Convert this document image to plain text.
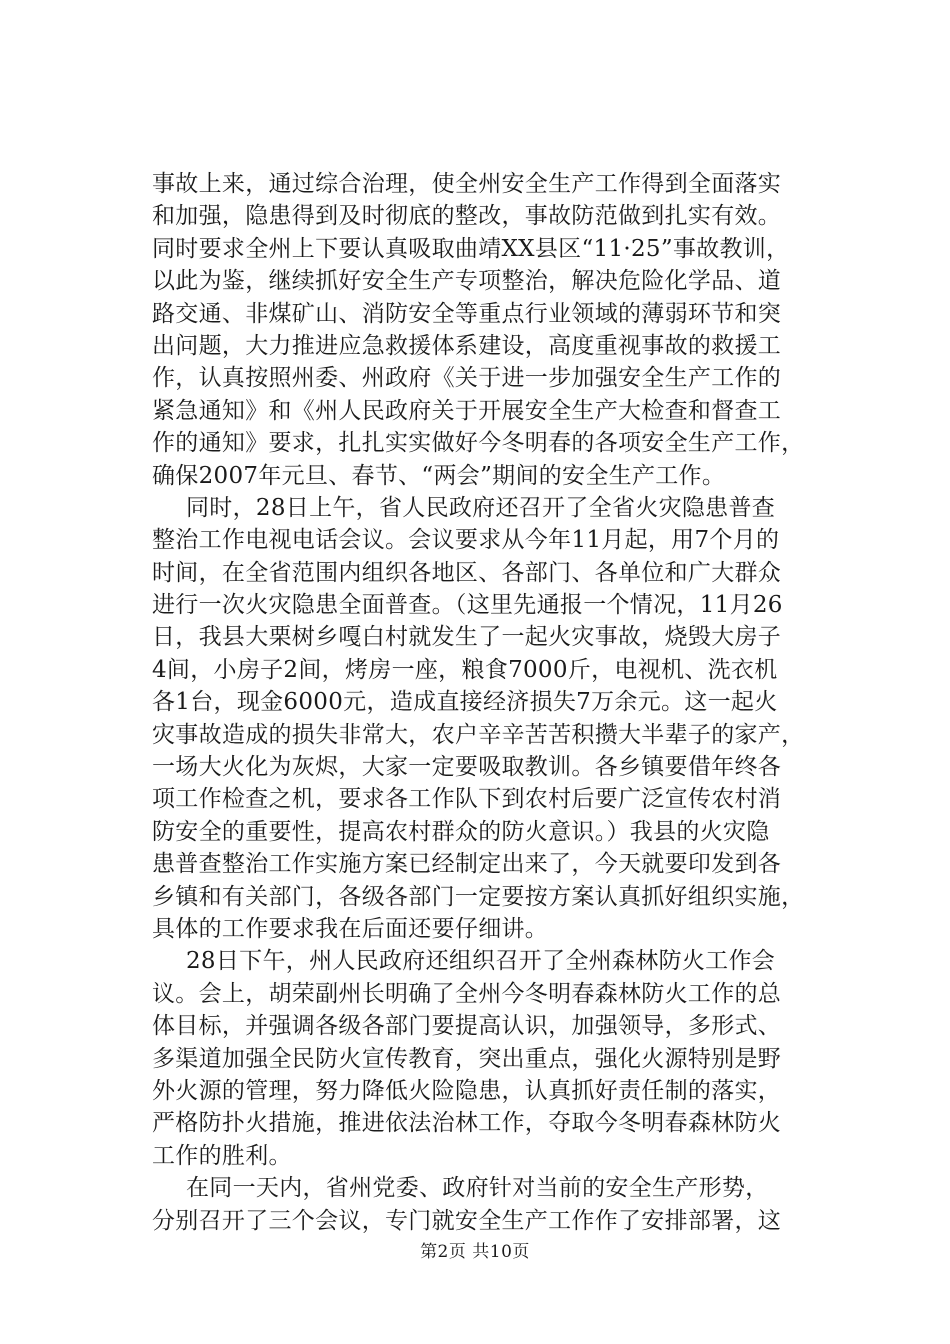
事故上来，通过综合治理，使全州安全生产工作得到全面落实
和加强，隐患得到及时彻底的整改，事故防范做到扎实有效。
同时要求全州上下要认真吸取曲靖XX县区“11·25”事故教训，
以此为鉴，继续抓好安全生产专项整治，解决危险化学品、道
路交通、非煤矿山、消防安全等重点行业领域的薄弱环节和突
出问题，大力推进应急救援体系建设，高度重视事故的救援工
作，认真按照州委、州政府《关于进一步加强安全生产工作的
紧急通知》和《州人民政府关于开展安全生产大检查和督查工
作的通知》要求，扎扎实实做好今冬明春的各项安全生产工作，
确保2007年元旦、春节、“两会”期间的安全生产工作。
同时，28日上午，省人民政府还召开了全省火灾隐患普查
整治工作电视电话会议。会议要求从今年11月起，用7个月的
时间，在全省范围内组织各地区、各部门、各单位和广大群众
进行一次火灾隐患全面普查。（这里先通报一个情况，11月26
日，我县大栗树乡嘎白村就发生了一起火灾事故，烧毁大房子
4间，小房子2间，烤房一座，粮食7000斤，电视机、洗衣机
各1台，现金6000元，造成直接经济损失7万余元。这一起火
灾事故造成的损失非常大，农户辛辛苦苦积攒大半辈子的家产，
一场大火化为灰烬，大家一定要吸取教训。各乡镇要借年终各
项工作检查之机，要求各工作队下到农村后要广泛宣传农村消
防安全的重要性，提高农村群众的防火意识。）我县的火灾隐
患普查整治工作实施方案已经制定出来了，今天就要印发到各
乡镇和有关部门，各级各部门一定要按方案认真抓好组织实施，
具体的工作要求我在后面还要仔细讲。
28日下午，州人民政府还组织召开了全州森林防火工作会
议。会上，胡荣副州长明确了全州今冬明春森林防火工作的总
体目标，并强调各级各部门要提高认识，加强领导，多形式、
多渠道加强全民防火宣传教育，突出重点，强化火源特别是野
外火源的管理，努力降低火险隐患，认真抓好责任制的落实，
严格防扑火措施，推进依法治林工作，夺取今冬明春森林防火
工作的胜利。
在同一天内，省州党委、政府针对当前的安全生产形势，
分别召开了三个会议，专门就安全生产工作作了安排部署，这
第2页 共10页
